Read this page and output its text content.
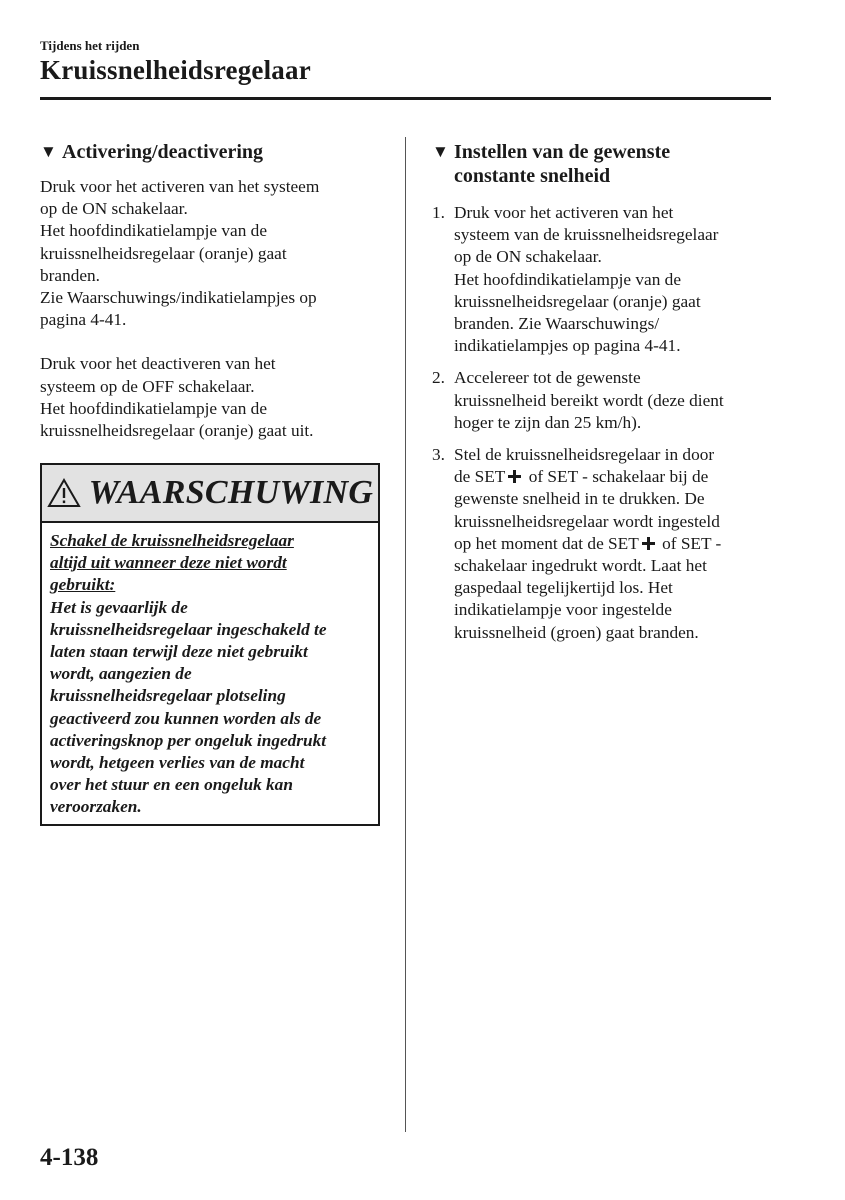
Tijdens het rijden
Kruissnelheidsregelaar
▼ Activering/deactivering

Druk voor het activeren van het systeem
op de ON schakelaar.
Het hoofdindikatielampje van de
kruissnelheidsregelaar (oranje) gaat
branden.
Zie Waarschuwings/indikatielampjes op
pagina 4-41.

Druk voor het deactiveren van het
systeem op de OFF schakelaar.
Het hoofdindikatielampje van de
kruissnelheidsregelaar (oranje) gaat uit.

WAARSCHUWING
Schakel de kruissnelheidsregelaar
altijd uit wanneer deze niet wordt
gebruikt:
Het is gevaarlijk de
kruissnelheidsregelaar ingeschakeld te
laten staan terwijl deze niet gebruikt
wordt, aangezien de
kruissnelheidsregelaar plotseling
geactiveerd zou kunnen worden als de
activeringsknop per ongeluk ingedrukt
wordt, hetgeen verlies van de macht
over het stuur en een ongeluk kan
veroorzaken.
▼ Instellen van de gewenste
constante snelheid
1. Druk voor het activeren van het
systeem van de kruissnelheidsregelaar
op de ON schakelaar.
Het hoofdindikatielampje van de
kruissnelheidsregelaar (oranje) gaat
branden. Zie Waarschuwings/
indikatielampjes op pagina 4-41.
2. Accelereer tot de gewenste
kruissnelheid bereikt wordt (deze dient
hoger te zijn dan 25 km/h).
3. Stel de kruissnelheidsregelaar in door
de SET of SET - schakelaar bij de
gewenste snelheid in te drukken. De
kruissnelheidsregelaar wordt ingesteld
op het moment dat de SET of SET -
schakelaar ingedrukt wordt. Laat het
gaspedaal tegelijkertijd los. Het
indikatielampje voor ingestelde
kruissnelheid (groen) gaat branden.
4-138
